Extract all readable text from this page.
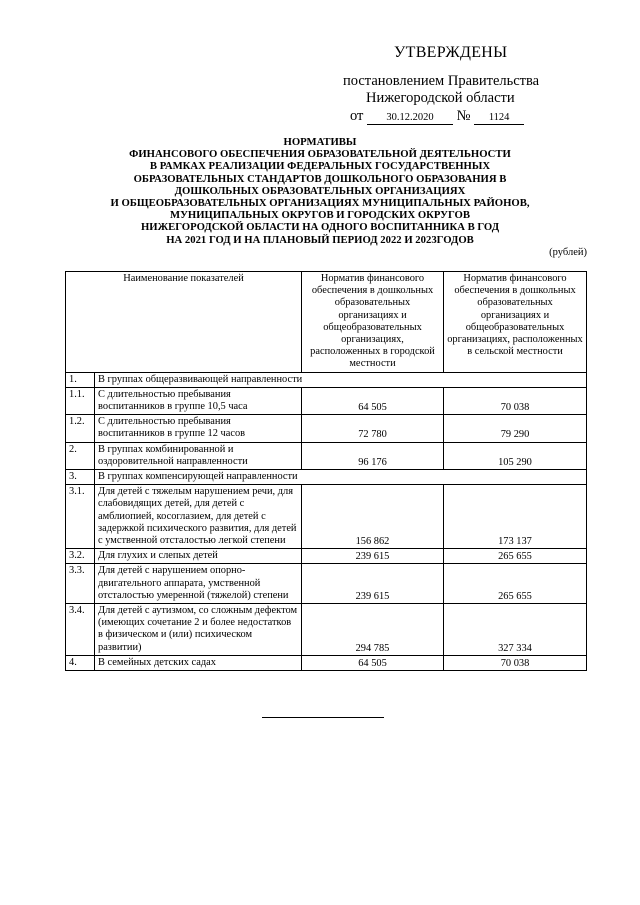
УТВЕРЖДЕНЫ
постановлением Правительства
Нижегородской области
от 30.12.2020 № 1124
НОРМАТИВЫ
ФИНАНСОВОГО ОБЕСПЕЧЕНИЯ ОБРАЗОВАТЕЛЬНОЙ ДЕЯТЕЛЬНОСТИ
В РАМКАХ РЕАЛИЗАЦИИ ФЕДЕРАЛЬНЫХ ГОСУДАРСТВЕННЫХ
ОБРАЗОВАТЕЛЬНЫХ СТАНДАРТОВ ДОШКОЛЬНОГО ОБРАЗОВАНИЯ В
ДОШКОЛЬНЫХ ОБРАЗОВАТЕЛЬНЫХ ОРГАНИЗАЦИЯХ
И ОБЩЕОБРАЗОВАТЕЛЬНЫХ ОРГАНИЗАЦИЯХ МУНИЦИПАЛЬНЫХ РАЙОНОВ,
МУНИЦИПАЛЬНЫХ ОКРУГОВ И ГОРОДСКИХ ОКРУГОВ
НИЖЕГОРОДСКОЙ ОБЛАСТИ НА ОДНОГО ВОСПИТАННИКА В ГОД
НА 2021 ГОД И НА ПЛАНОВЫЙ ПЕРИОД 2022 И 2023ГОДОВ
(рублей)
Наименование показателей		Норматив финансового обеспечения в дошкольных образовательных организациях и общеобразовательных организациях, расположенных в городской местности	Норматив финансового обеспечения в дошкольных образовательных организациях и общеобразовательных организациях, расположенных в сельской местности
1.	В группах общеразвивающей направленности		
1.1.	С длительностью пребывания воспитанников в группе 10,5 часа	64 505	70 038
1.2.	С длительностью пребывания воспитанников в группе 12 часов	72 780	79 290
2.	В группах комбинированной и оздоровительной направленности	96 176	105 290
3.	В группах компенсирующей направленности		
3.1.	Для детей с тяжелым нарушением речи, для слабовидящих детей, для детей с амблиопией, косоглазием, для детей с задержкой психического развития, для детей с умственной отсталостью легкой степени	156 862	173 137
3.2.	Для глухих и слепых детей	239 615	265 655
3.3.	Для детей с нарушением опорно-двигательного аппарата, умственной отсталостью умеренной (тяжелой) степени	239 615	265 655
3.4.	Для детей с аутизмом, со сложным дефектом (имеющих сочетание 2 и более недостатков в физическом и (или) психическом развитии)	294 785	327 334
4.	В семейных детских садах	64 505	70 038
